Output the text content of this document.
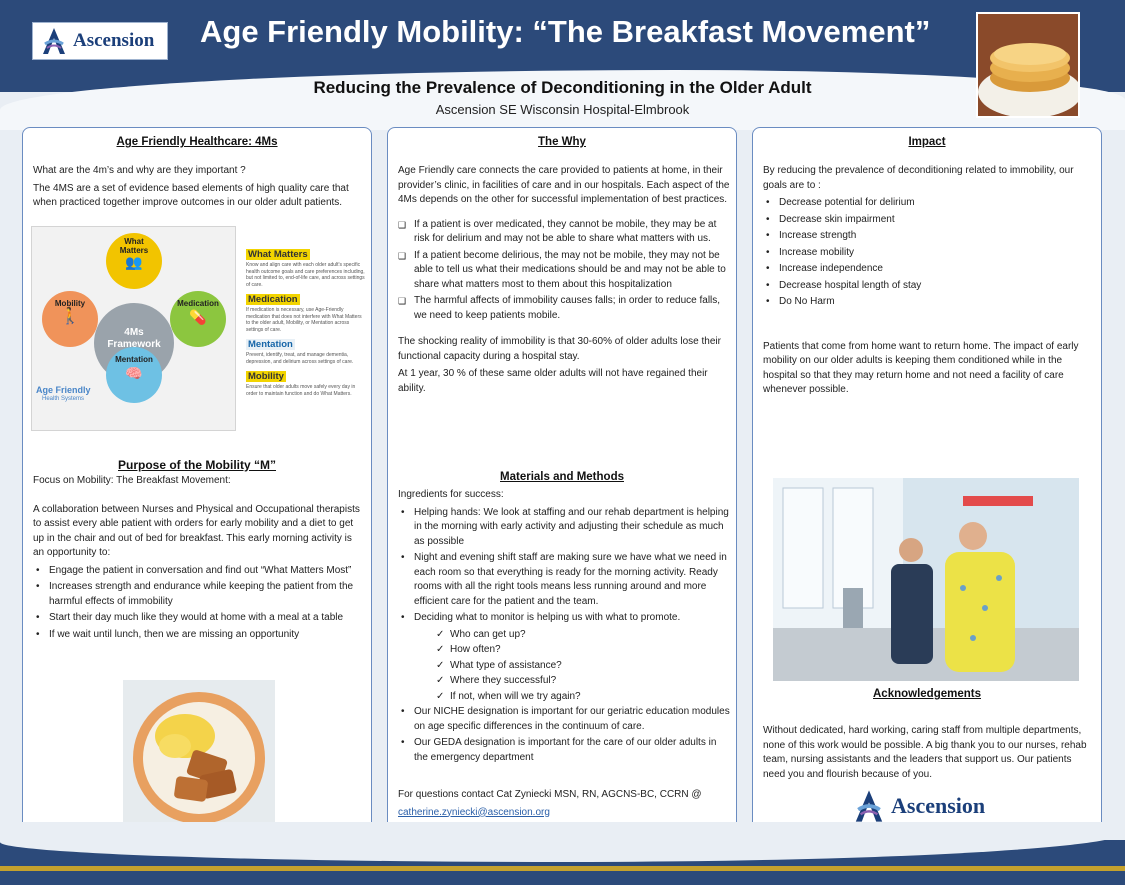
Ascension Age Friendly Mobility: “The Breakfast Movement”
Reducing the Prevalence of Deconditioning in the Older Adult
Ascension SE Wisconsin Hospital-Elmbrook
Age Friendly Healthcare: 4Ms

What are the 4m’s and why are they important ?

The 4MS are a set of evidence based elements of high quality care that when practiced together improve outcomes in our older adult patients.

What
Matters
👥
Mobility
🚶
Medication
💊
Mentation
🧠
4Ms
Framework
Age Friendly
Health Systems
What Matters
Know and align care with each older adult's specific health outcome goals and care preferences including, but not limited to, end-of-life care, and across settings of care.
Medication
If medication is necessary, use Age-Friendly medication that does not interfere with What Matters to the older adult, Mobility, or Mentation across settings of care.
Mentation
Prevent, identify, treat, and manage dementia, depression, and delirium across settings of care.
Mobility
Ensure that older adults move safely every day in order to maintain function and do What Matters.
Purpose of the Mobility “M”

Focus on Mobility: The Breakfast Movement:

A collaboration between Nurses and Physical and Occupational therapists to assist every able patient with orders for early mobility and a diet to get up in the chair and out of bed for breakfast. This early morning activity is an opportunity to:

• Engage the patient in conversation and find out “What Matters Most”
• Increases strength and endurance while keeping the patient from the harmful effects of immobility
• Start their day much like they would at home with a meal at a table
• If we wait until lunch, then we are missing an opportunity
The Why

Age Friendly care connects the care provided to patients at home, in their provider’s clinic, in facilities of care and in our hospitals. Each aspect of the 4Ms depends on the other for successful implementation of best practices.

❑ If a patient is over medicated, they cannot be mobile, they may be at risk for delirium and may not be able to share what matters with us.
❑ If a patient become delirious, the may not be mobile, they may not be able to tell us what their medications should be and may not be able to share what matters most to them about this hospitalization
❑ The harmful affects of immobility causes falls; in order to reduce falls, we need to keep patients mobile.

The shocking reality of immobility is that 30-60% of older adults lose their functional capacity during a hospital stay.

At 1 year, 30 % of these same older adults will not have regained their ability.

Materials and Methods

Ingredients for success:

• Helping hands: We look at staffing and our rehab department is helping in the morning with early activity and adjusting their schedule as much as possible
• Night and evening shift staff are making sure we have what we need in each room so that everything is ready for the morning activity. Ready rooms with all the right tools means less running around and more efficient care for the patient and the team.
• Deciding what to monitor is helping us with what to promote.
✓ Who can get up?
✓ How often?
✓ What type of assistance?
✓ Where they successful?
✓ If not, when will we try again?
• Our NICHE designation is important for our geriatric education modules on age specific differences in the continuum of care.
• Our GEDA designation is important for the care of our older adults in the emergency department

For questions contact Cat Zyniecki MSN, RN, AGCNS-BC, CCRN @

catherine.zyniecki@ascension.org

Impact

By reducing the prevalence of deconditioning related to immobility, our goals are to :

• Decrease potential for delirium
• Decrease skin impairment
• Increase strength
• Increase mobility
• Increase independence
• Decrease hospital length of stay
• Do No Harm

Patients that come from home want to return home. The impact of early mobility on our older adults is keeping them conditioned while in the hospital so that they may return home and not need a facility of care whenever possible.

Acknowledgements
Without dedicated, hard working, caring staff from multiple departments, none of this work would be possible. A big thank you to our nurses, rehab team, nursing assistants and the leaders that support us. Our patients need you and flourish because of you.
Ascension
